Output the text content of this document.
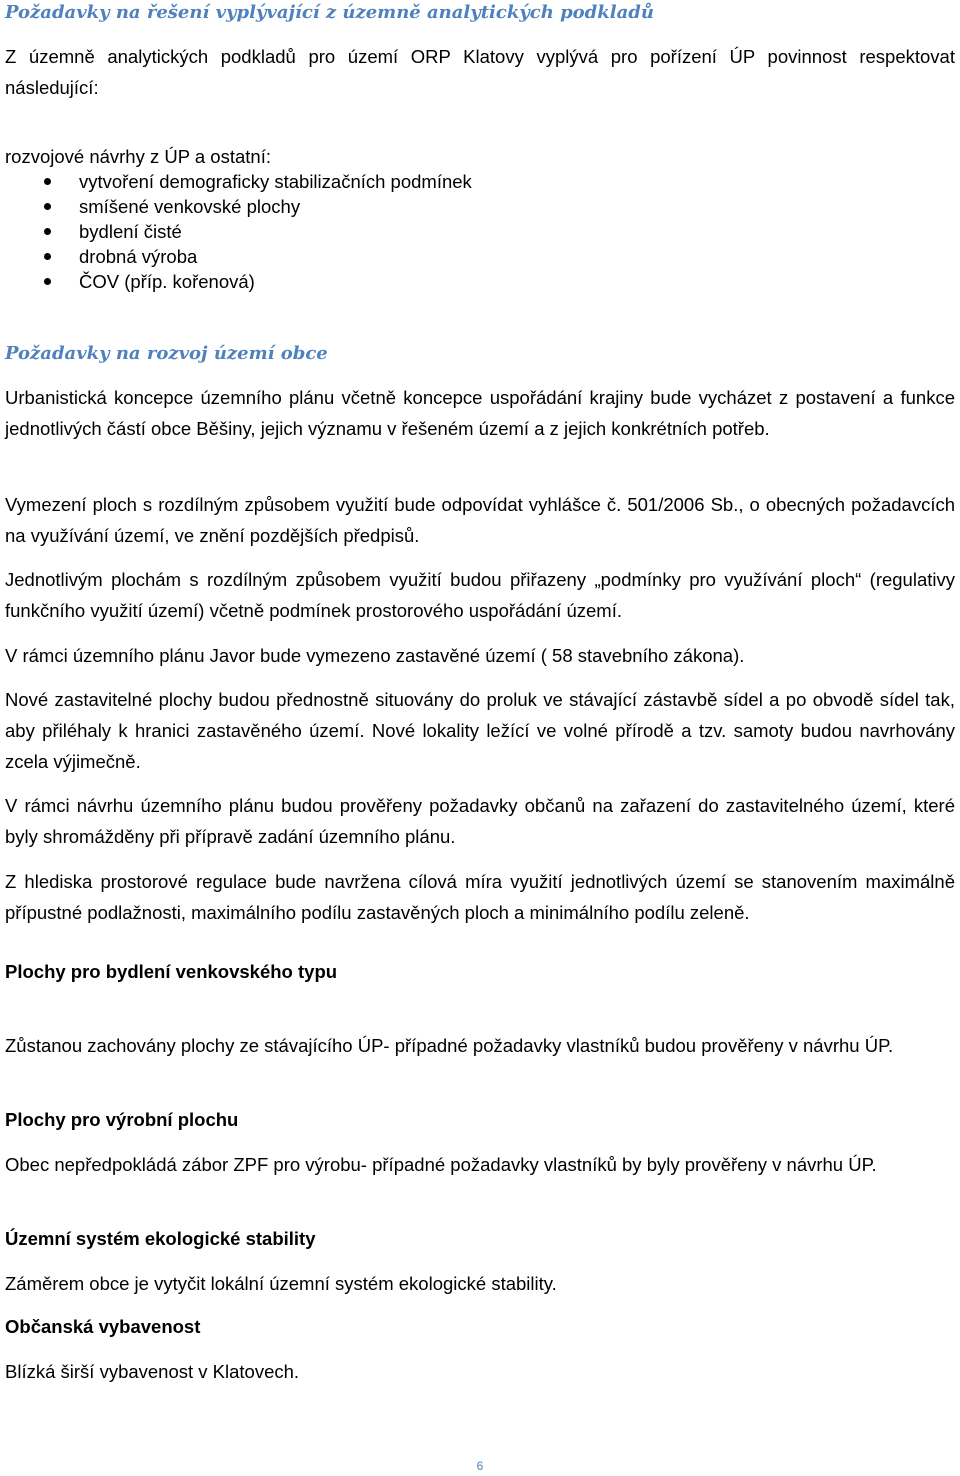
Požadavky na řešení vyplývající z územně analytických podkladů

Z územně analytických podkladů pro území ORP Klatovy vyplývá pro pořízení ÚP povinnost respektovat následující:

rozvojové návrhy z ÚP a ostatní:
vytvoření demograficky stabilizačních podmínek
smíšené venkovské plochy
bydlení čisté
drobná výroba
ČOV (příp. kořenová)
Požadavky na rozvoj území obce

Urbanistická koncepce územního plánu včetně koncepce uspořádání krajiny bude vycházet z postavení a funkce jednotlivých částí obce Běšiny, jejich významu v řešeném území a z jejich konkrétních potřeb.

Vymezení ploch s rozdílným způsobem využití bude odpovídat vyhlášce č. 501/2006 Sb., o obecných požadavcích na využívání území, ve znění pozdějších předpisů.

Jednotlivým plochám s rozdílným způsobem využití budou přiřazeny „podmínky pro využívání ploch“ (regulativy funkčního využití území) včetně podmínek prostorového uspořádání území.

V rámci územního plánu Javor bude vymezeno zastavěné území ( 58 stavebního zákona).

Nové zastavitelné plochy budou přednostně situovány do proluk ve stávající zástavbě sídel a po obvodě sídel tak, aby přiléhaly k hranici zastavěného území. Nové lokality ležící ve volné přírodě a tzv. samoty budou navrhovány zcela výjimečně.

V rámci návrhu územního plánu budou prověřeny požadavky občanů na zařazení do zastavitelného území, které byly shromážděny při přípravě zadání územního plánu.

Z hlediska prostorové regulace bude navržena cílová míra využití jednotlivých území se stanovením maximálně přípustné podlažnosti, maximálního podílu zastavěných ploch a minimálního podílu zeleně.

Plochy pro bydlení venkovského typu

Zůstanou zachovány plochy ze stávajícího ÚP- případné požadavky vlastníků budou prověřeny v návrhu ÚP.

Plochy pro výrobní plochu

Obec nepředpokládá zábor ZPF pro výrobu- případné požadavky vlastníků by byly prověřeny v návrhu ÚP.

Územní systém ekologické stability

Záměrem obce je vytyčit lokální územní systém ekologické stability.

Občanská vybavenost

Blízká širší vybavenost v Klatovech.

6
